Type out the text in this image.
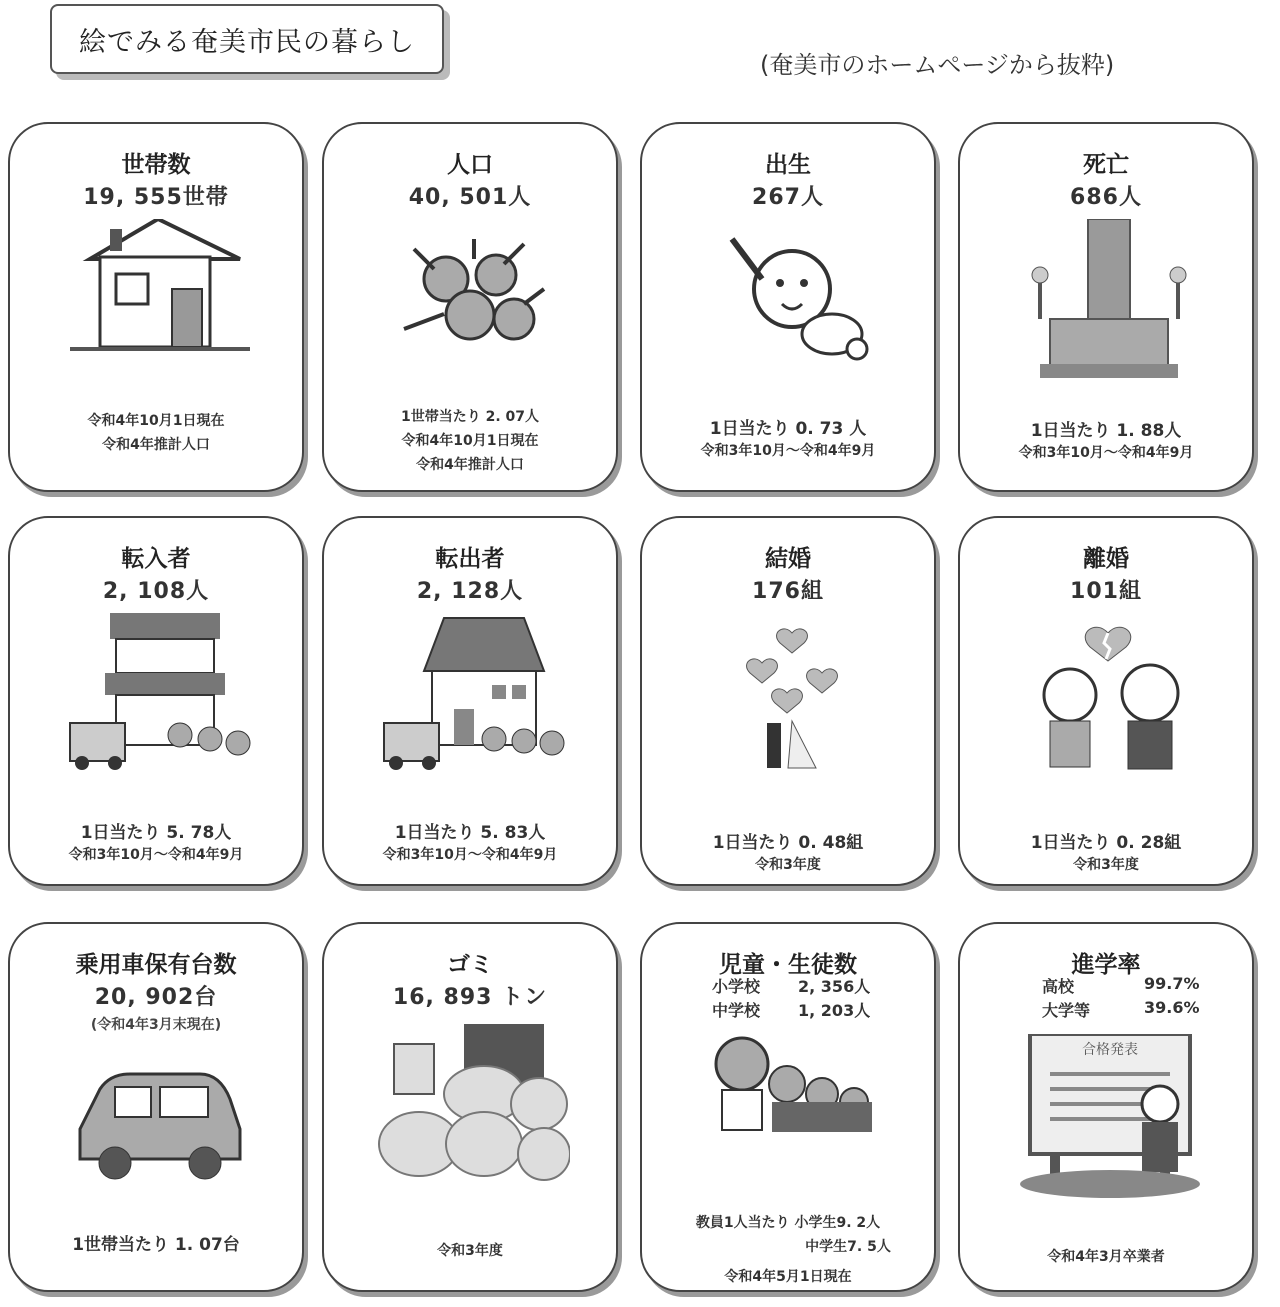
絵でみる奄美市民の暮らし
(奄美市のホームページから抜粋)
世帯数
19, 555世帯
令和4年10月1日現在
令和4年推計人口
人口
40, 501人
1世帯当たり 2. 07人
令和4年10月1日現在
令和4年推計人口
出生
267人
1日当たり 0. 73 人
令和3年10月～令和4年9月
死亡
686人
1日当たり 1. 88人
令和3年10月～令和4年9月
転入者
2, 108人
1日当たり 5. 78人
令和3年10月～令和4年9月
転出者
2, 128人
1日当たり 5. 83人
令和3年10月～令和4年9月
結婚
176組
1日当たり 0. 48組
令和3年度
離婚
101組
1日当たり 0. 28組
令和3年度
乗用車保有台数
20, 902台
(令和4年3月末現在)
1世帯当たり 1. 07台
ゴミ
16, 893 トン
令和3年度
児童・生徒数
小学校 2, 356人
中学校 1, 203人
教員1人当たり 小学生9. 2人
中学生7. 5人
令和4年5月1日現在
進学率
高校	99.7%
大学等	39.6%
合格発表
令和4年3月卒業者
